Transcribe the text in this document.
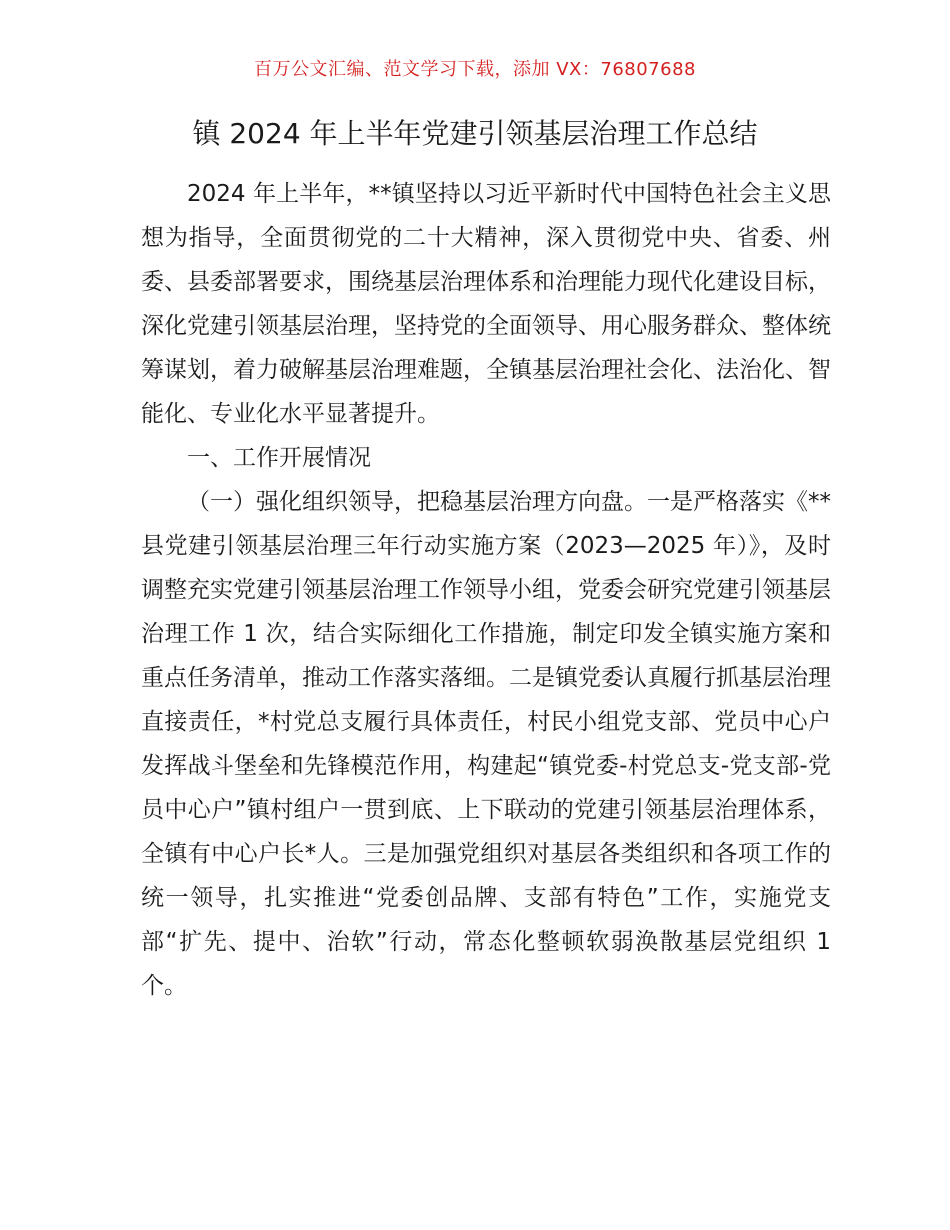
百万公文汇编、范文学习下载，添加 VX：76807688
镇 2024 年上半年党建引领基层治理工作总结

2024 年上半年，**镇坚持以习近平新时代中国特色社会主义思想为指导，全面贯彻党的二十大精神，深入贯彻党中央、省委、州委、县委部署要求，围绕基层治理体系和治理能力现代化建设目标，深化党建引领基层治理，坚持党的全面领导、用心服务群众、整体统筹谋划，着力破解基层治理难题，全镇基层治理社会化、法治化、智能化、专业化水平显著提升。

一、工作开展情况

（一）强化组织领导，把稳基层治理方向盘。一是严格落实《**县党建引领基层治理三年行动实施方案（2023—2025 年）》，及时调整充实党建引领基层治理工作领导小组，党委会研究党建引领基层治理工作 1 次，结合实际细化工作措施，制定印发全镇实施方案和重点任务清单，推动工作落实落细。二是镇党委认真履行抓基层治理直接责任，*村党总支履行具体责任，村民小组党支部、党员中心户发挥战斗堡垒和先锋模范作用，构建起“镇党委-村党总支-党支部-党员中心户”镇村组户一贯到底、上下联动的党建引领基层治理体系，全镇有中心户长*人。三是加强党组织对基层各类组织和各项工作的统一领导，扎实推进“党委创品牌、支部有特色”工作，实施党支部“扩先、提中、治软”行动，常态化整顿软弱涣散基层党组织 1 个。
